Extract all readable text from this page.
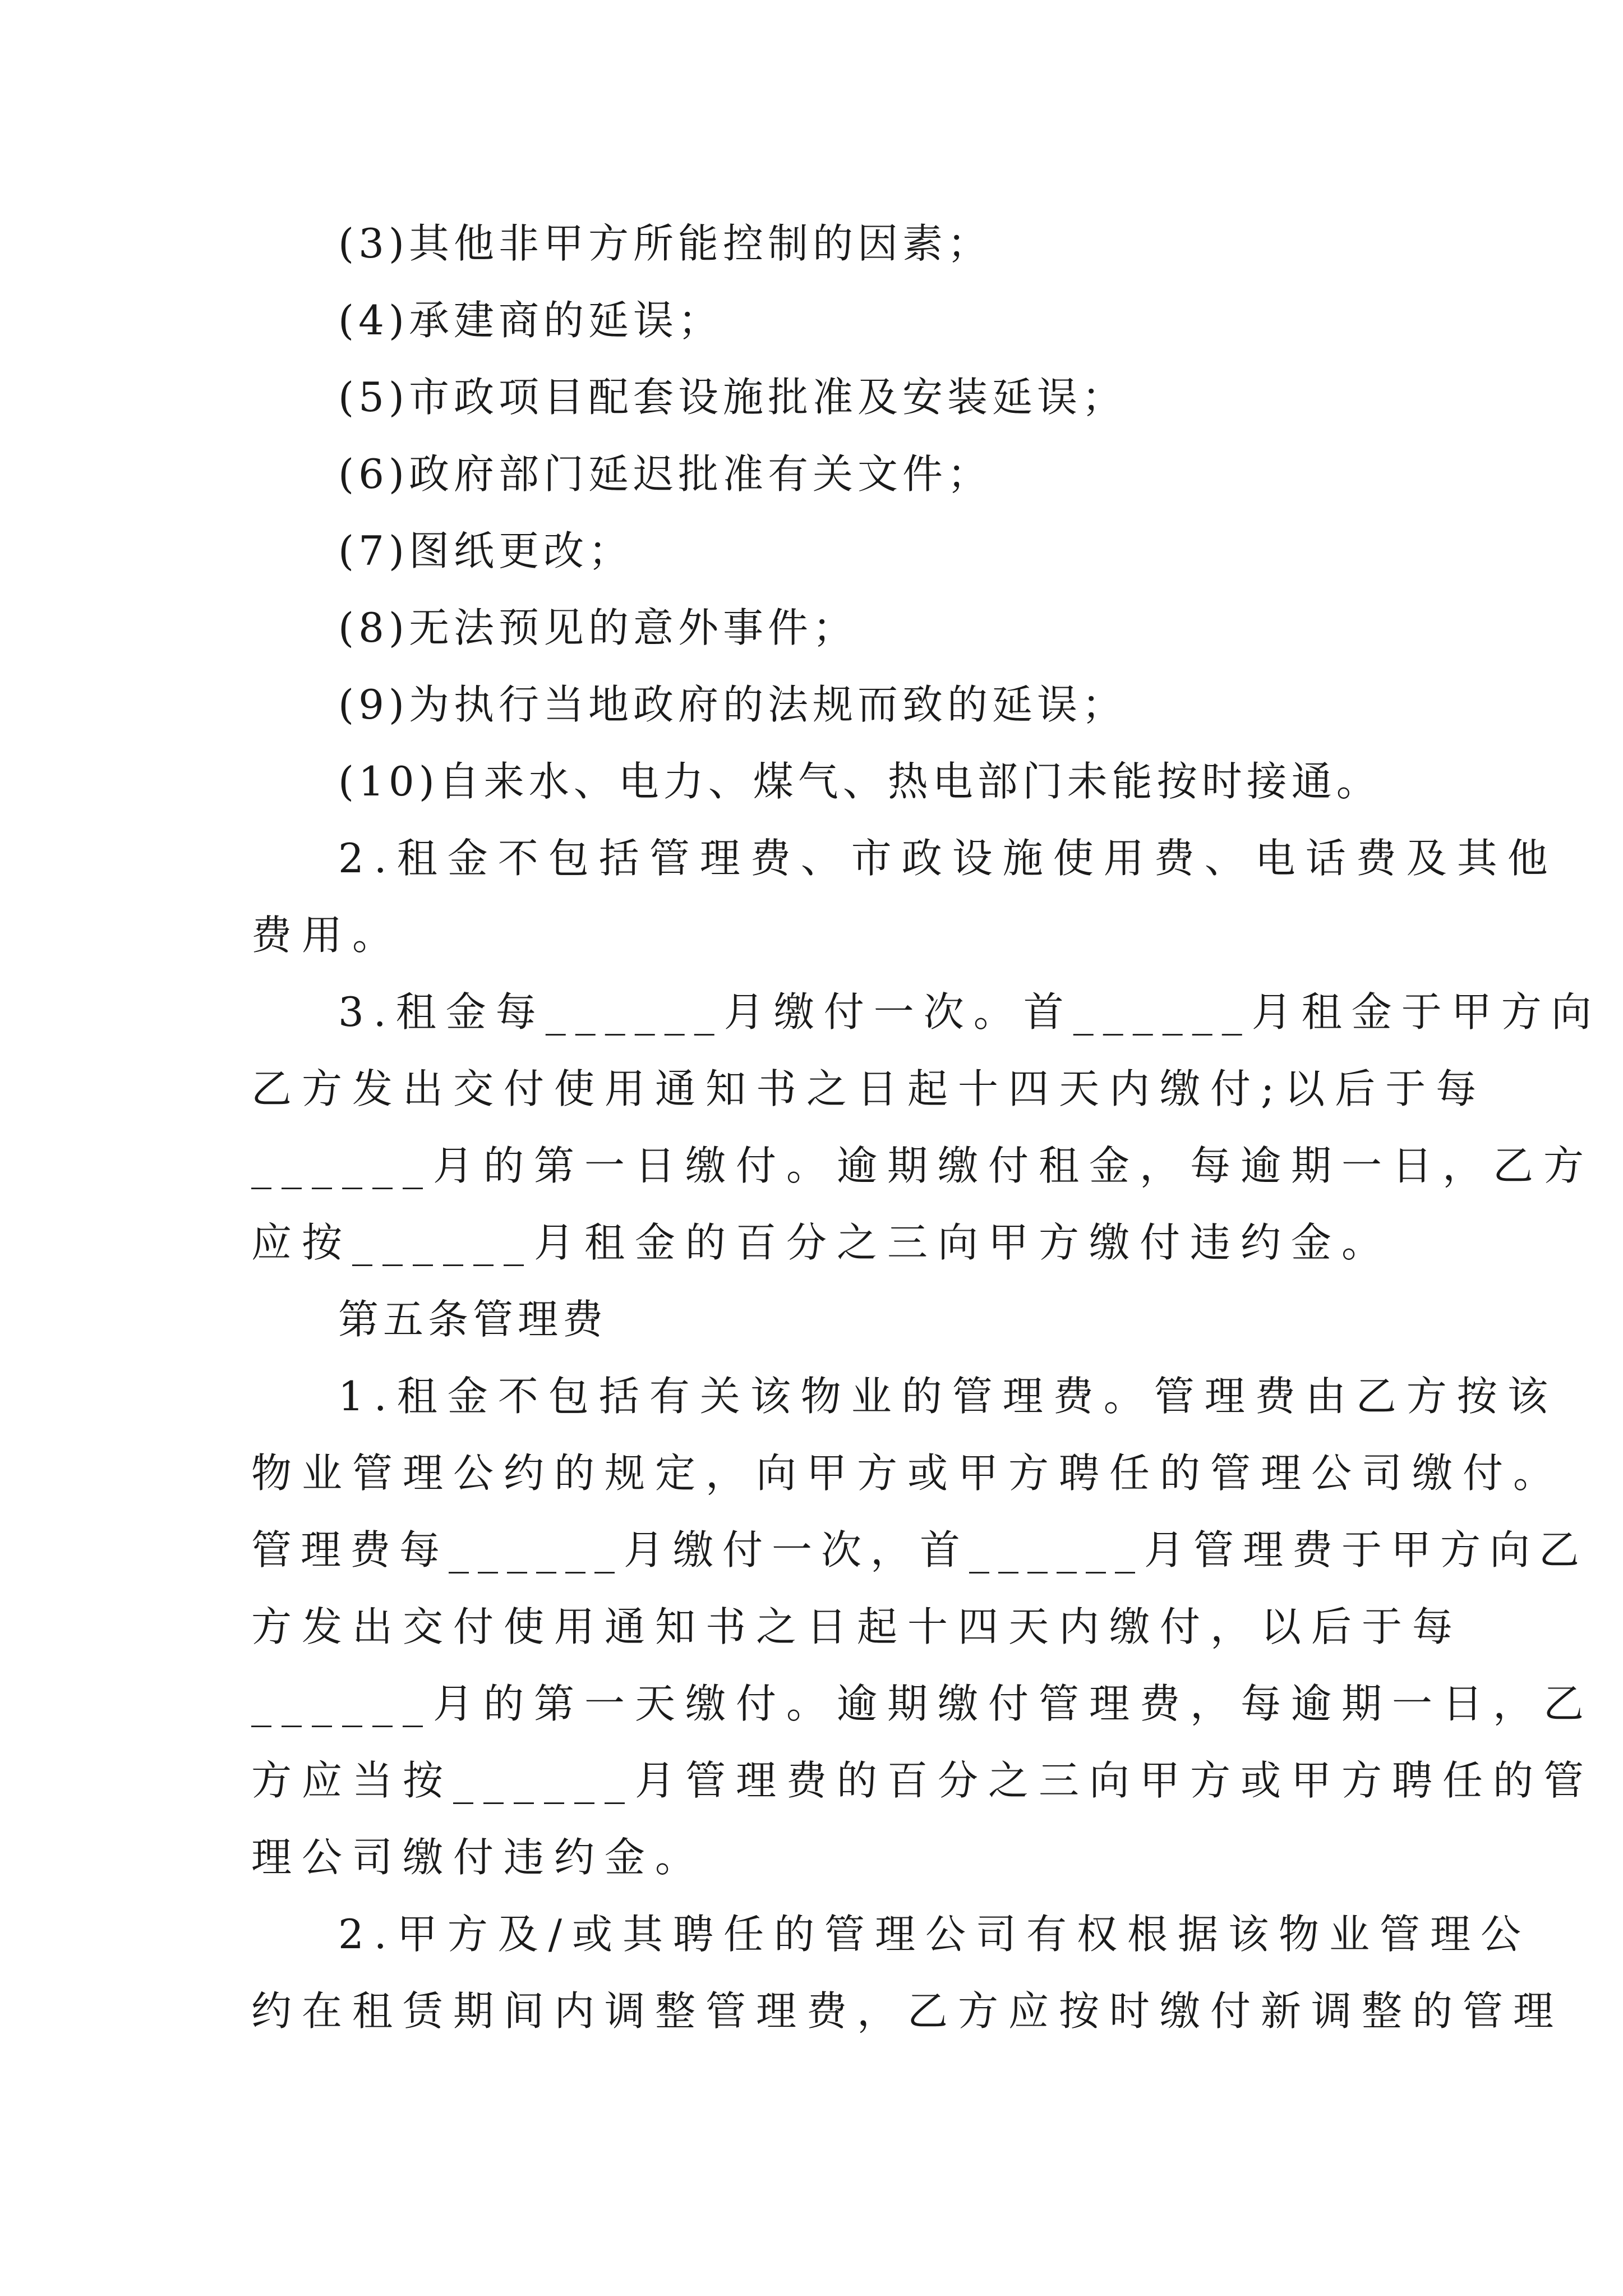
(3)其他非甲方所能控制的因素；

(4)承建商的延误；

(5)市政项目配套设施批准及安装延误；

(6)政府部门延迟批准有关文件；

(7)图纸更改；

(8)无法预见的意外事件；

(9)为执行当地政府的法规而致的延误；

(10)自来水、电力、煤气、热电部门未能按时接通。

2.租金不包括管理费、市政设施使用费、电话费及其他

费用。

3.租金每______月缴付一次。首______月租金于甲方向

乙方发出交付使用通知书之日起十四天内缴付;以后于每

______月的第一日缴付。逾期缴付租金，每逾期一日，乙方

应按______月租金的百分之三向甲方缴付违约金。

第五条管理费

1.租金不包括有关该物业的管理费。管理费由乙方按该

物业管理公约的规定，向甲方或甲方聘任的管理公司缴付。

管理费每______月缴付一次，首______月管理费于甲方向乙

方发出交付使用通知书之日起十四天内缴付，以后于每

______月的第一天缴付。逾期缴付管理费，每逾期一日，乙

方应当按______月管理费的百分之三向甲方或甲方聘任的管

理公司缴付违约金。

2.甲方及/或其聘任的管理公司有权根据该物业管理公

约在租赁期间内调整管理费，乙方应按时缴付新调整的管理
